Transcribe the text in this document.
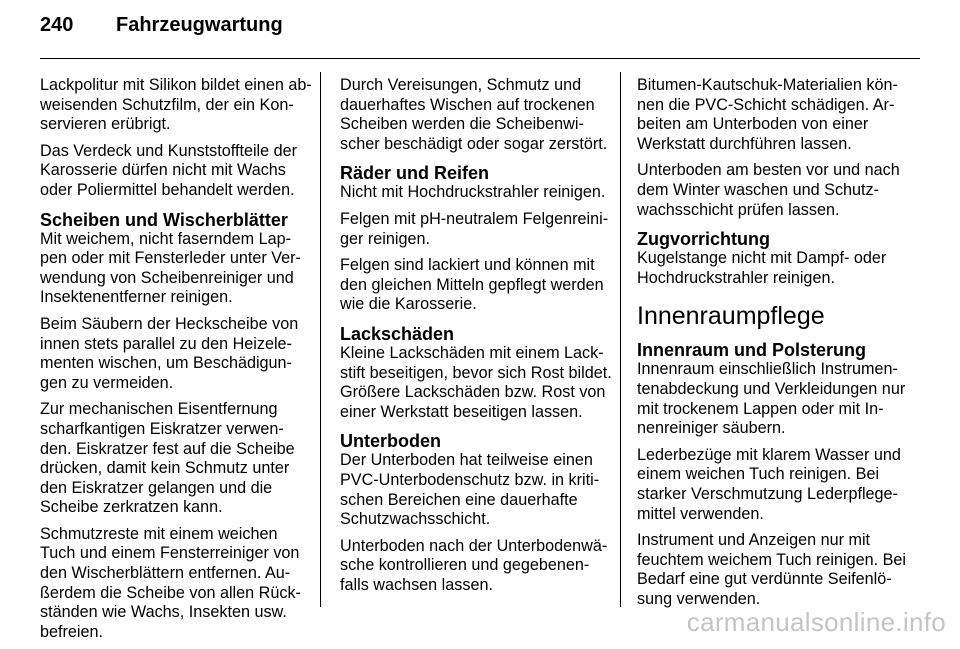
240	Fahrzeugwartung

Lackpolitur mit Silikon bildet einen ab-
weisenden Schutzfilm, der ein Kon-
servieren erübrigt.

Das Verdeck und Kunststoffteile der
Karosserie dürfen nicht mit Wachs
oder Poliermittel behandelt werden.

Scheiben und Wischerblätter

Mit weichem, nicht faserndem Lap-
pen oder mit Fensterleder unter Ver-
wendung von Scheibenreiniger und
Insektenentferner reinigen.

Beim Säubern der Heckscheibe von
innen stets parallel zu den Heizele-
menten wischen, um Beschädigun-
gen zu vermeiden.

Zur mechanischen Eisentfernung
scharfkantigen Eiskratzer verwen-
den. Eiskratzer fest auf die Scheibe
drücken, damit kein Schmutz unter
den Eiskratzer gelangen und die
Scheibe zerkratzen kann.

Schmutzreste mit einem weichen
Tuch und einem Fensterreiniger von
den Wischerblättern entfernen. Au-
ßerdem die Scheibe von allen Rück-
ständen wie Wachs, Insekten usw.
befreien.

Durch Vereisungen, Schmutz und
dauerhaftes Wischen auf trockenen
Scheiben werden die Scheibenwi-
scher beschädigt oder sogar zerstört.

Räder und Reifen

Nicht mit Hochdruckstrahler reinigen.

Felgen mit pH-neutralem Felgenreini-
ger reinigen.

Felgen sind lackiert und können mit
den gleichen Mitteln gepflegt werden
wie die Karosserie.

Lackschäden

Kleine Lackschäden mit einem Lack-
stift beseitigen, bevor sich Rost bildet.
Größere Lackschäden bzw. Rost von
einer Werkstatt beseitigen lassen.

Unterboden

Der Unterboden hat teilweise einen
PVC-Unterbodenschutz bzw. in kriti-
schen Bereichen eine dauerhafte
Schutzwachsschicht.

Unterboden nach der Unterbodenwä-
sche kontrollieren und gegebenen-
falls wachsen lassen.

Bitumen-Kautschuk-Materialien kön-
nen die PVC-Schicht schädigen. Ar-
beiten am Unterboden von einer
Werkstatt durchführen lassen.

Unterboden am besten vor und nach
dem Winter waschen und Schutz-
wachsschicht prüfen lassen.

Zugvorrichtung

Kugelstange nicht mit Dampf- oder
Hochdruckstrahler reinigen.

Innenraumpflege
Innenraum und Polsterung

Innenraum einschließlich Instrumen-
tenabdeckung und Verkleidungen nur
mit trockenem Lappen oder mit In-
nenreiniger säubern.

Lederbezüge mit klarem Wasser und
einem weichen Tuch reinigen. Bei
starker Verschmutzung Lederpflege-
mittel verwenden.

Instrument und Anzeigen nur mit
feuchtem weichem Tuch reinigen. Bei
Bedarf eine gut verdünnte Seifenlö-
sung verwenden.

carmanualsonline.info
